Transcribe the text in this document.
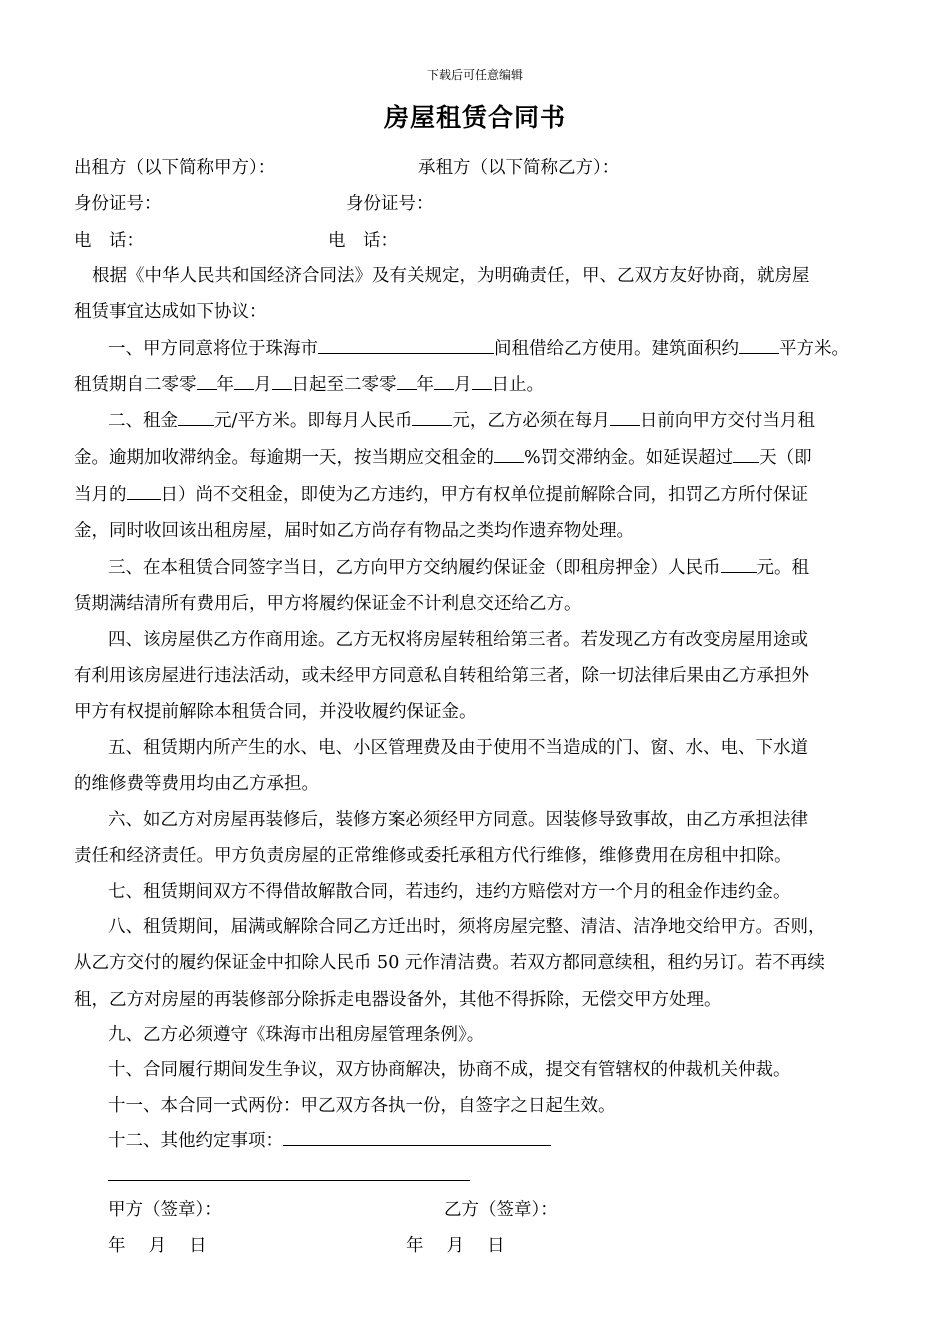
下载后可任意编辑
房屋租赁合同书
出租方（以下简称甲方）：	承租方（以下简称乙方）：
身份证号：	身份证号：
电　话：	电　话：
根据《中华人民共和国经济合同法》及有关规定，为明确责任，甲、乙双方友好协商，就房屋
租赁事宜达成如下协议：
一、甲方同意将位于珠海市	间租借给乙方使用。建筑面积约 平方米。
租赁期自二零零 年 月 日起至二零零 年 月 日止。
二、租金 元/平方米。即每月人民币 元，乙方必须在每月 日前向甲方交付当月租
金。逾期加收滞纳金。每逾期一天，按当期应交租金的 %罚交滞纳金。如延误超过 天（即
当月的 日）尚不交租金，即使为乙方违约，甲方有权单位提前解除合同，扣罚乙方所付保证
金，同时收回该出租房屋，届时如乙方尚存有物品之类均作遗弃物处理。
三、在本租赁合同签字当日，乙方向甲方交纳履约保证金（即租房押金）人民币 元。租
赁期满结清所有费用后，甲方将履约保证金不计利息交还给乙方。
四、该房屋供乙方作商用途。乙方无权将房屋转租给第三者。若发现乙方有改变房屋用途或
有利用该房屋进行违法活动，或未经甲方同意私自转租给第三者，除一切法律后果由乙方承担外
甲方有权提前解除本租赁合同，并没收履约保证金。
五、租赁期内所产生的水、电、小区管理费及由于使用不当造成的门、窗、水、电、下水道
的维修费等费用均由乙方承担。
六、如乙方对房屋再装修后，装修方案必须经甲方同意。因装修导致事故，由乙方承担法律
责任和经济责任。甲方负责房屋的正常维修或委托承租方代行维修，维修费用在房租中扣除。
七、租赁期间双方不得借故解散合同，若违约，违约方赔偿对方一个月的租金作违约金。
八、租赁期间，届满或解除合同乙方迁出时，须将房屋完整、清洁、洁净地交给甲方。否则，
从乙方交付的履约保证金中扣除人民币 50 元作清洁费。若双方都同意续租，租约另订。若不再续
租，乙方对房屋的再装修部分除拆走电器设备外，其他不得拆除，无偿交甲方处理。
九、乙方必须遵守《珠海市出租房屋管理条例》。
十、合同履行期间发生争议，双方协商解决，协商不成，提交有管辖权的仲裁机关仲裁。
十一、本合同一式两份：甲乙双方各执一份，自签字之日起生效。
十二、其他约定事项：
甲方（签章）：	乙方（签章）：
年　 月　 日	年　 月　 日
